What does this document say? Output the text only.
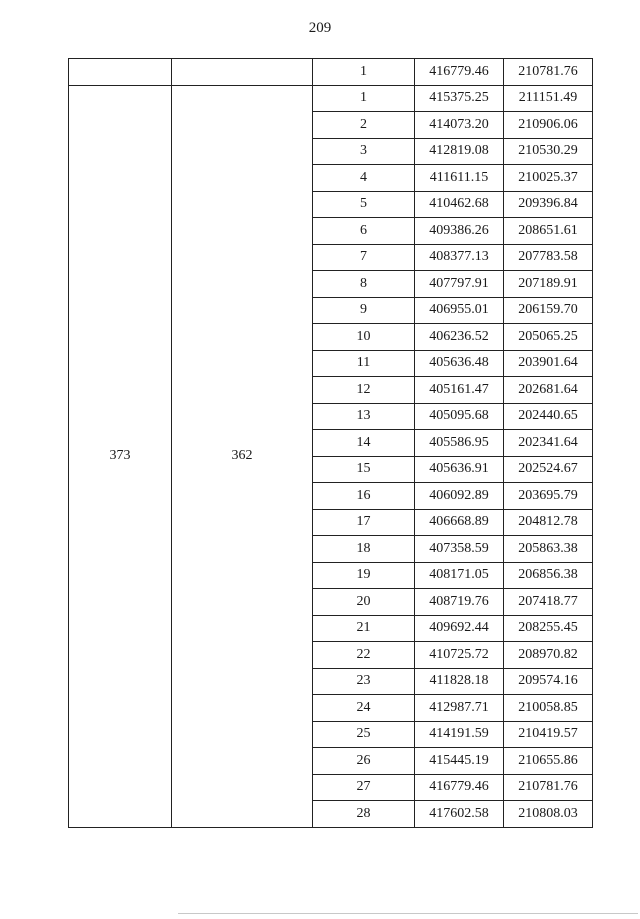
209
		1	416779.46	210781.76
373	362	1	415375.25	211151.49
		2	414073.20	210906.06
		3	412819.08	210530.29
		4	411611.15	210025.37
		5	410462.68	209396.84
		6	409386.26	208651.61
		7	408377.13	207783.58
		8	407797.91	207189.91
		9	406955.01	206159.70
		10	406236.52	205065.25
		11	405636.48	203901.64
		12	405161.47	202681.64
		13	405095.68	202440.65
		14	405586.95	202341.64
		15	405636.91	202524.67
		16	406092.89	203695.79
		17	406668.89	204812.78
		18	407358.59	205863.38
		19	408171.05	206856.38
		20	408719.76	207418.77
		21	409692.44	208255.45
		22	410725.72	208970.82
		23	411828.18	209574.16
		24	412987.71	210058.85
		25	414191.59	210419.57
		26	415445.19	210655.86
		27	416779.46	210781.76
		28	417602.58	210808.03
